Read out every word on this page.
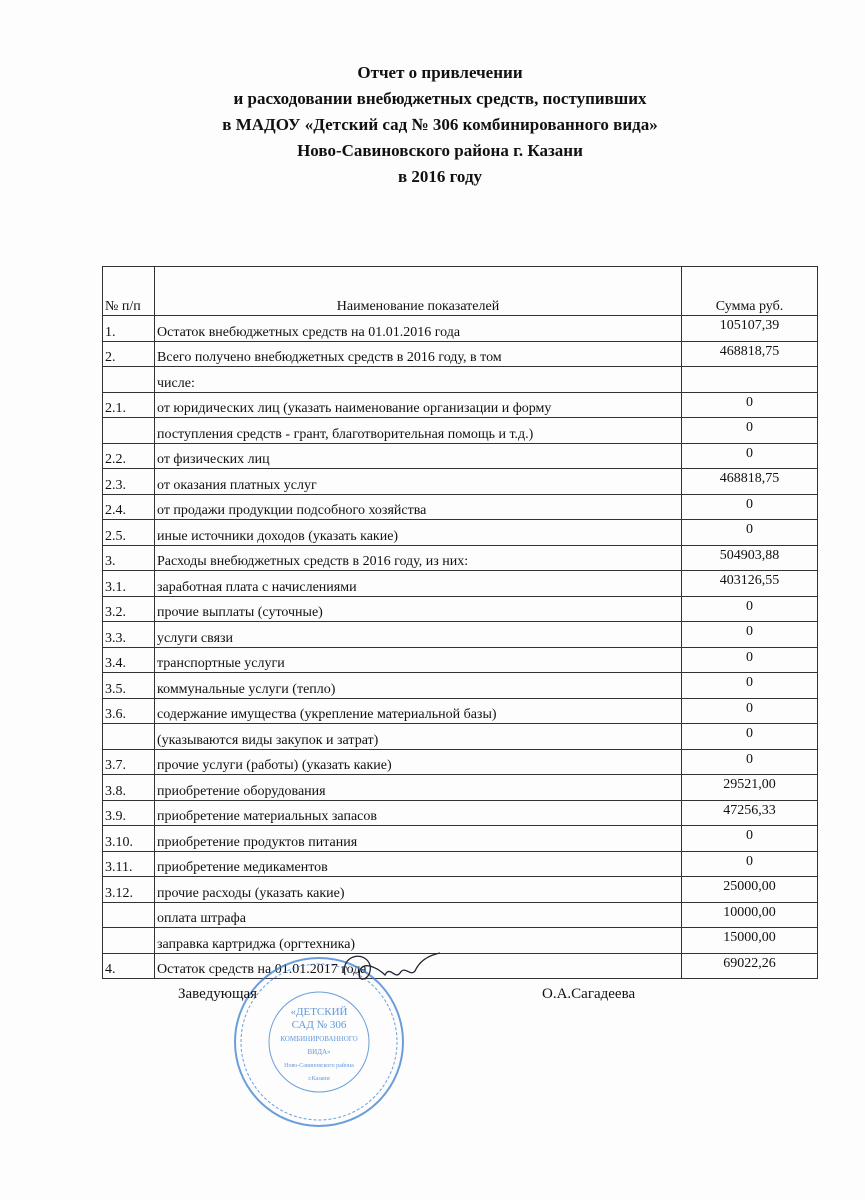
Отчет о привлечении
и расходовании внебюджетных средств, поступивших
в МАДОУ «Детский сад № 306 комбинированного вида»
Ново-Савиновского района г. Казани
в 2016 году
№ п/п	Наименование показателей	Сумма руб.
1.	Остаток внебюджетных средств на 01.01.2016 года	105107,39
2.	Всего получено внебюджетных средств в 2016 году, в том	468818,75
	числе:	
2.1.	от юридических лиц (указать наименование организации и форму	0
	поступления средств - грант, благотворительная помощь и т.д.)	0
2.2.	от физических лиц	0
2.3.	от оказания платных услуг	468818,75
2.4.	от продажи продукции подсобного хозяйства	0
2.5.	иные источники доходов (указать какие)	0
3.	Расходы внебюджетных средств в 2016 году, из них:	504903,88
3.1.	заработная плата с начислениями	403126,55
3.2.	прочие выплаты (суточные)	0
3.3.	услуги связи	0
3.4.	транспортные услуги	0
3.5.	коммунальные услуги (тепло)	0
3.6.	содержание имущества (укрепление материальной базы)	0
	(указываются виды закупок и затрат)	0
3.7.	прочие услуги (работы) (указать какие)	0
3.8.	приобретение оборудования	29521,00
3.9.	приобретение материальных запасов	47256,33
3.10.	приобретение продуктов питания	0
3.11.	приобретение медикаментов	0
3.12.	прочие расходы (указать какие)	25000,00
	оплата штрафа	10000,00
	заправка картриджа (оргтехника)	15000,00
4.	Остаток средств на 01.01.2017 года	69022,26
«ДЕТСКИЙ
САД № 306
КОМБИНИРОВАННОГО
ВИДА»
Ново-Савиновского района
г.Казани
Заведующая	О.А.Сагадеева
